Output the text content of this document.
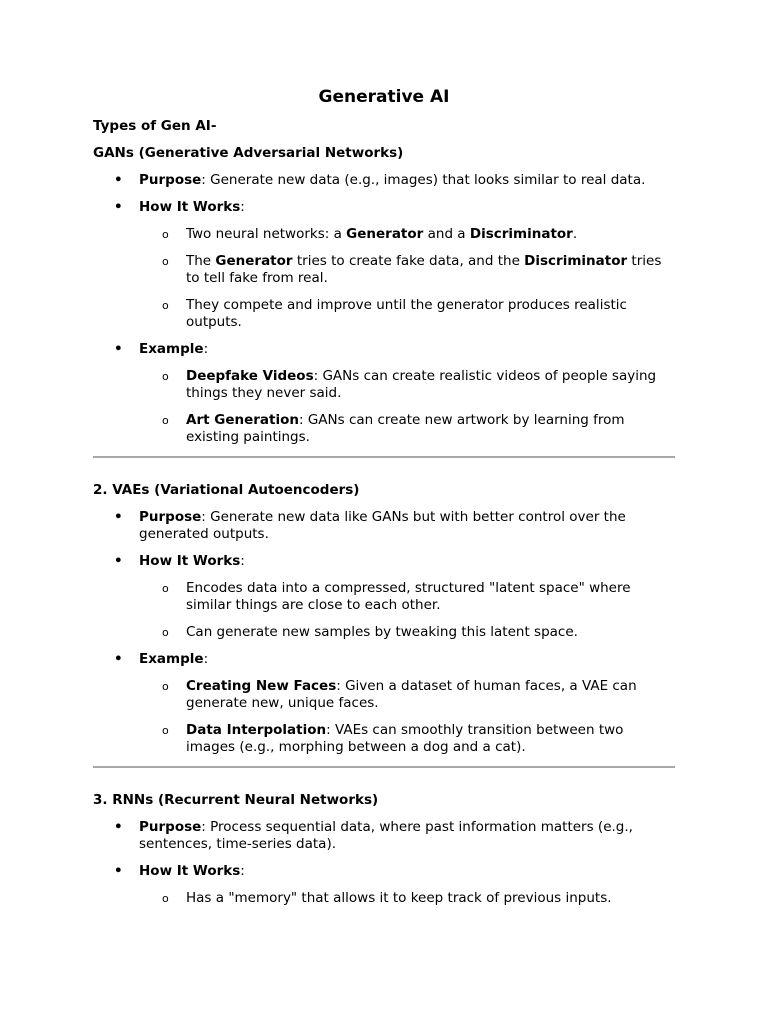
Generative AI
Types of Gen AI-
GANs (Generative Adversarial Networks)
• Purpose: Generate new data (e.g., images) that looks similar to real data.
• How It Works:
o Two neural networks: a Generator and a Discriminator.
o The Generator tries to create fake data, and the Discriminator tries to tell fake from real.
o They compete and improve until the generator produces realistic outputs.
• Example:
o Deepfake Videos: GANs can create realistic videos of people saying things they never said.
o Art Generation: GANs can create new artwork by learning from existing paintings.
2. VAEs (Variational Autoencoders)
• Purpose: Generate new data like GANs but with better control over the generated outputs.
• How It Works:
o Encodes data into a compressed, structured "latent space" where similar things are close to each other.
o Can generate new samples by tweaking this latent space.
• Example:
o Creating New Faces: Given a dataset of human faces, a VAE can generate new, unique faces.
o Data Interpolation: VAEs can smoothly transition between two images (e.g., morphing between a dog and a cat).
3. RNNs (Recurrent Neural Networks)
• Purpose: Process sequential data, where past information matters (e.g., sentences, time-series data).
• How It Works:
o Has a "memory" that allows it to keep track of previous inputs.
